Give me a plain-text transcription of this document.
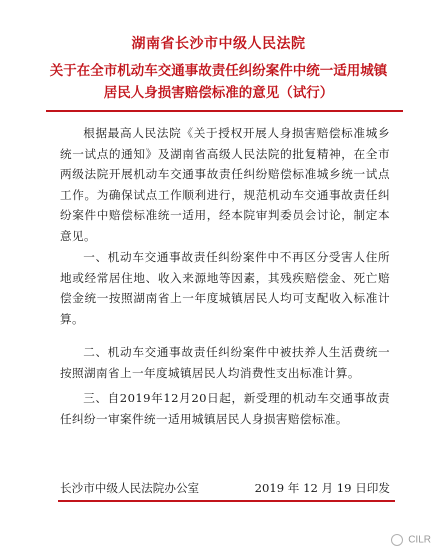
湖南省长沙市中级人民法院
关于在全市机动车交通事故责任纠纷案件中统一适用城镇
居民人身损害赔偿标准的意见（试行）
根据最高人民法院《关于授权开展人身损害赔偿标准城乡统一试点的通知》及湖南省高级人民法院的批复精神，在全市两级法院开展机动车交通事故责任纠纷赔偿标准城乡统一试点工作。为确保试点工作顺利进行，规范机动车交通事故责任纠纷案件中赔偿标准统一适用，经本院审判委员会讨论，制定本意见。
一、机动车交通事故责任纠纷案件中不再区分受害人住所地或经常居住地、收入来源地等因素，其残疾赔偿金、死亡赔偿金统一按照湖南省上一年度城镇居民人均可支配收入标准计算。
二、机动车交通事故责任纠纷案件中被扶养人生活费统一按照湖南省上一年度城镇居民人均消费性支出标准计算。
三、自2019年12月20日起，新受理的机动车交通事故责任纠纷一审案件统一适用城镇居民人身损害赔偿标准。
长沙市中级人民法院办公室	2019 年 12 月 19 日印发
CILR
